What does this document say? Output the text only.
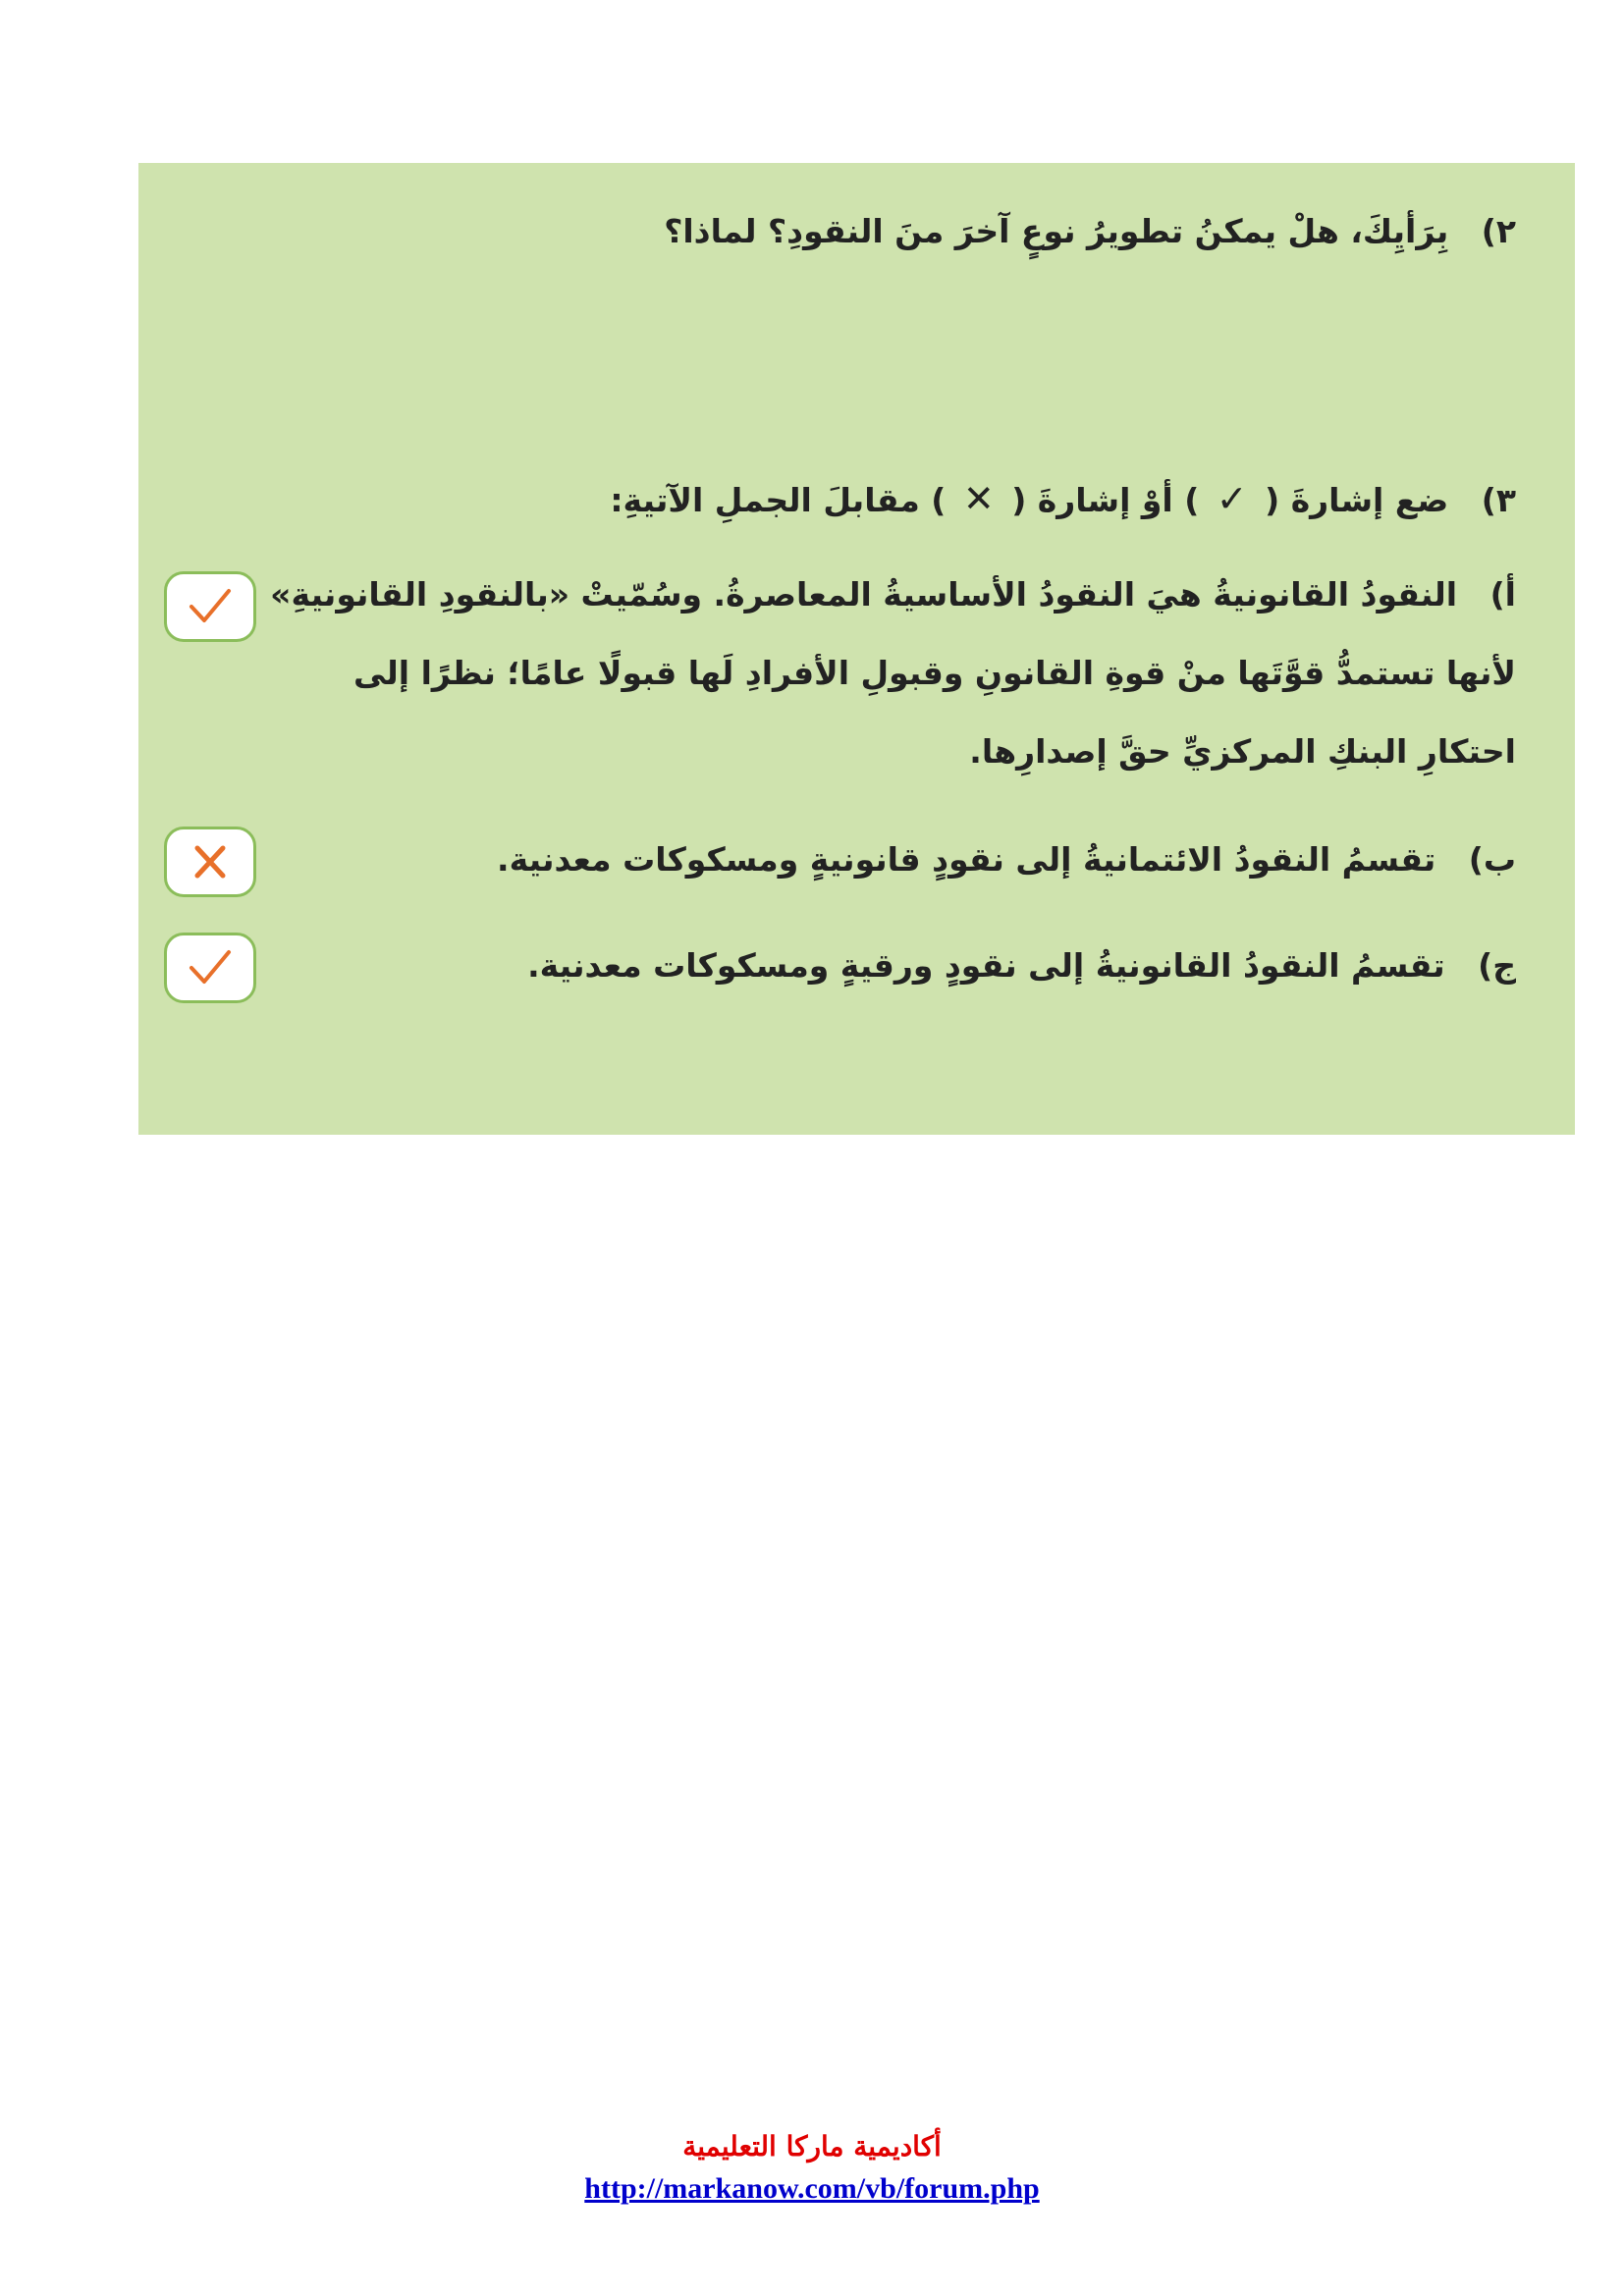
٢) بِرَأيِكَ، هلْ يمكنُ تطويرُ نوعٍ آخرَ منَ النقودِ؟ لماذا؟
٣) ضع إشارةَ ( ✓ ) أوْ إشارةَ ( ✕ ) مقابلَ الجملِ الآتيةِ:
أ) النقودُ القانونيةُ هيَ النقودُ الأساسيةُ المعاصرةُ. وسُمّيتْ «بالنقودِ القانونيةِ»
لأنها تستمدُّ قوَّتَها منْ قوةِ القانونِ وقبولِ الأفرادِ لَها قبولًا عامًا؛ نظرًا إلى
احتكارِ البنكِ المركزيِّ حقَّ إصدارِها.
ب) تقسمُ النقودُ الائتمانيةُ إلى نقودٍ قانونيةٍ ومسكوكات معدنية.
ج) تقسمُ النقودُ القانونيةُ إلى نقودٍ ورقيةٍ ومسكوكات معدنية.
أكاديمية ماركا التعليمية
http://markanow.com/vb/forum.php
